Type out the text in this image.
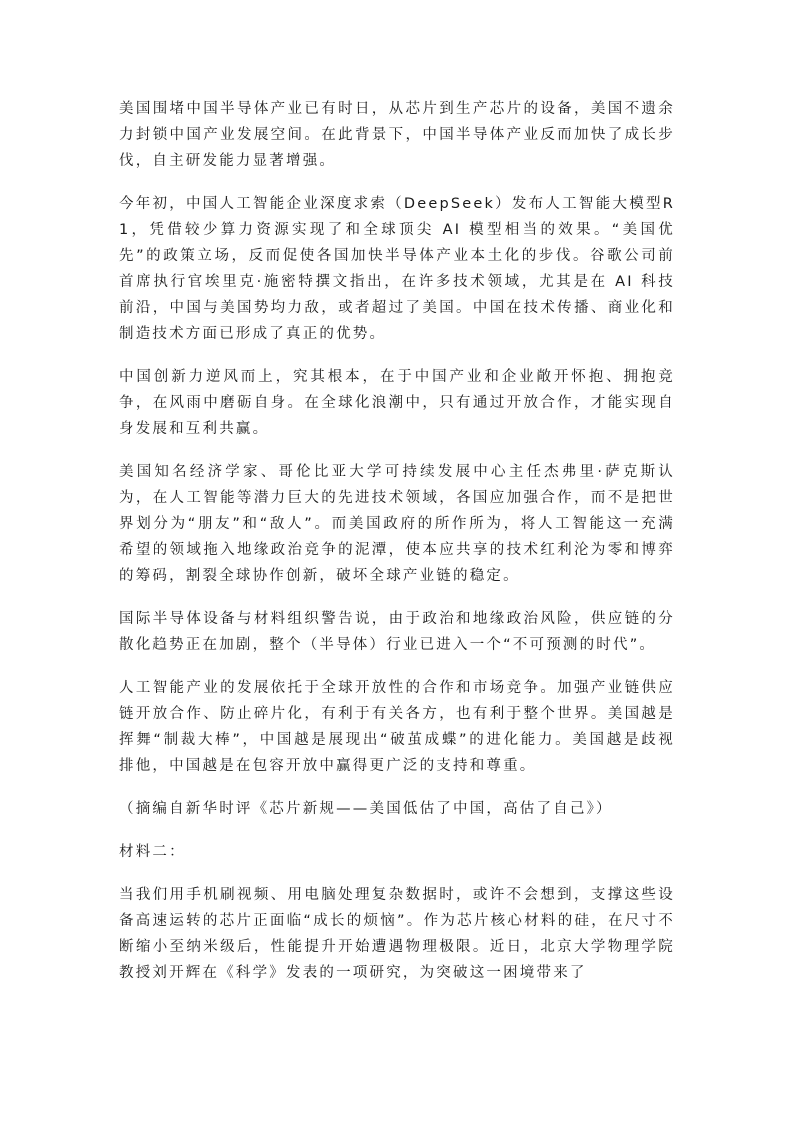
美国围堵中国半导体产业已有时日，从芯片到生产芯片的设备，美国不遗余力封锁中国产业发展空间。在此背景下，中国半导体产业反而加快了成长步伐，自主研发能力显著增强。

今年初，中国人工智能企业深度求索（DeepSeek）发布人工智能大模型R1，凭借较少算力资源实现了和全球顶尖 AI 模型相当的效果。“美国优先”的政策立场，反而促使各国加快半导体产业本土化的步伐。谷歌公司前首席执行官埃里克·施密特撰文指出，在许多技术领域，尤其是在 AI 科技前沿，中国与美国势均力敌，或者超过了美国。中国在技术传播、商业化和制造技术方面已形成了真正的优势。

中国创新力逆风而上，究其根本，在于中国产业和企业敞开怀抱、拥抱竞争，在风雨中磨砺自身。在全球化浪潮中，只有通过开放合作，才能实现自身发展和互利共赢。

美国知名经济学家、哥伦比亚大学可持续发展中心主任杰弗里·萨克斯认为，在人工智能等潜力巨大的先进技术领域，各国应加强合作，而不是把世界划分为“朋友”和“敌人”。而美国政府的所作所为，将人工智能这一充满希望的领域拖入地缘政治竞争的泥潭，使本应共享的技术红利沦为零和博弈的筹码，割裂全球协作创新，破坏全球产业链的稳定。

国际半导体设备与材料组织警告说，由于政治和地缘政治风险，供应链的分散化趋势正在加剧，整个（半导体）行业已进入一个“不可预测的时代”。

人工智能产业的发展依托于全球开放性的合作和市场竞争。加强产业链供应链开放合作、防止碎片化，有利于有关各方，也有利于整个世界。美国越是挥舞“制裁大棒”，中国越是展现出“破茧成蝶”的进化能力。美国越是歧视排他，中国越是在包容开放中赢得更广泛的支持和尊重。

（摘编自新华时评《芯片新规——美国低估了中国，高估了自己》）

材料二：

当我们用手机刷视频、用电脑处理复杂数据时，或许不会想到，支撑这些设备高速运转的芯片正面临“成长的烦恼”。作为芯片核心材料的硅，在尺寸不断缩小至纳米级后，性能提升开始遭遇物理极限。近日，北京大学物理学院教授刘开辉在《科学》发表的一项研究，为突破这一困境带来了
